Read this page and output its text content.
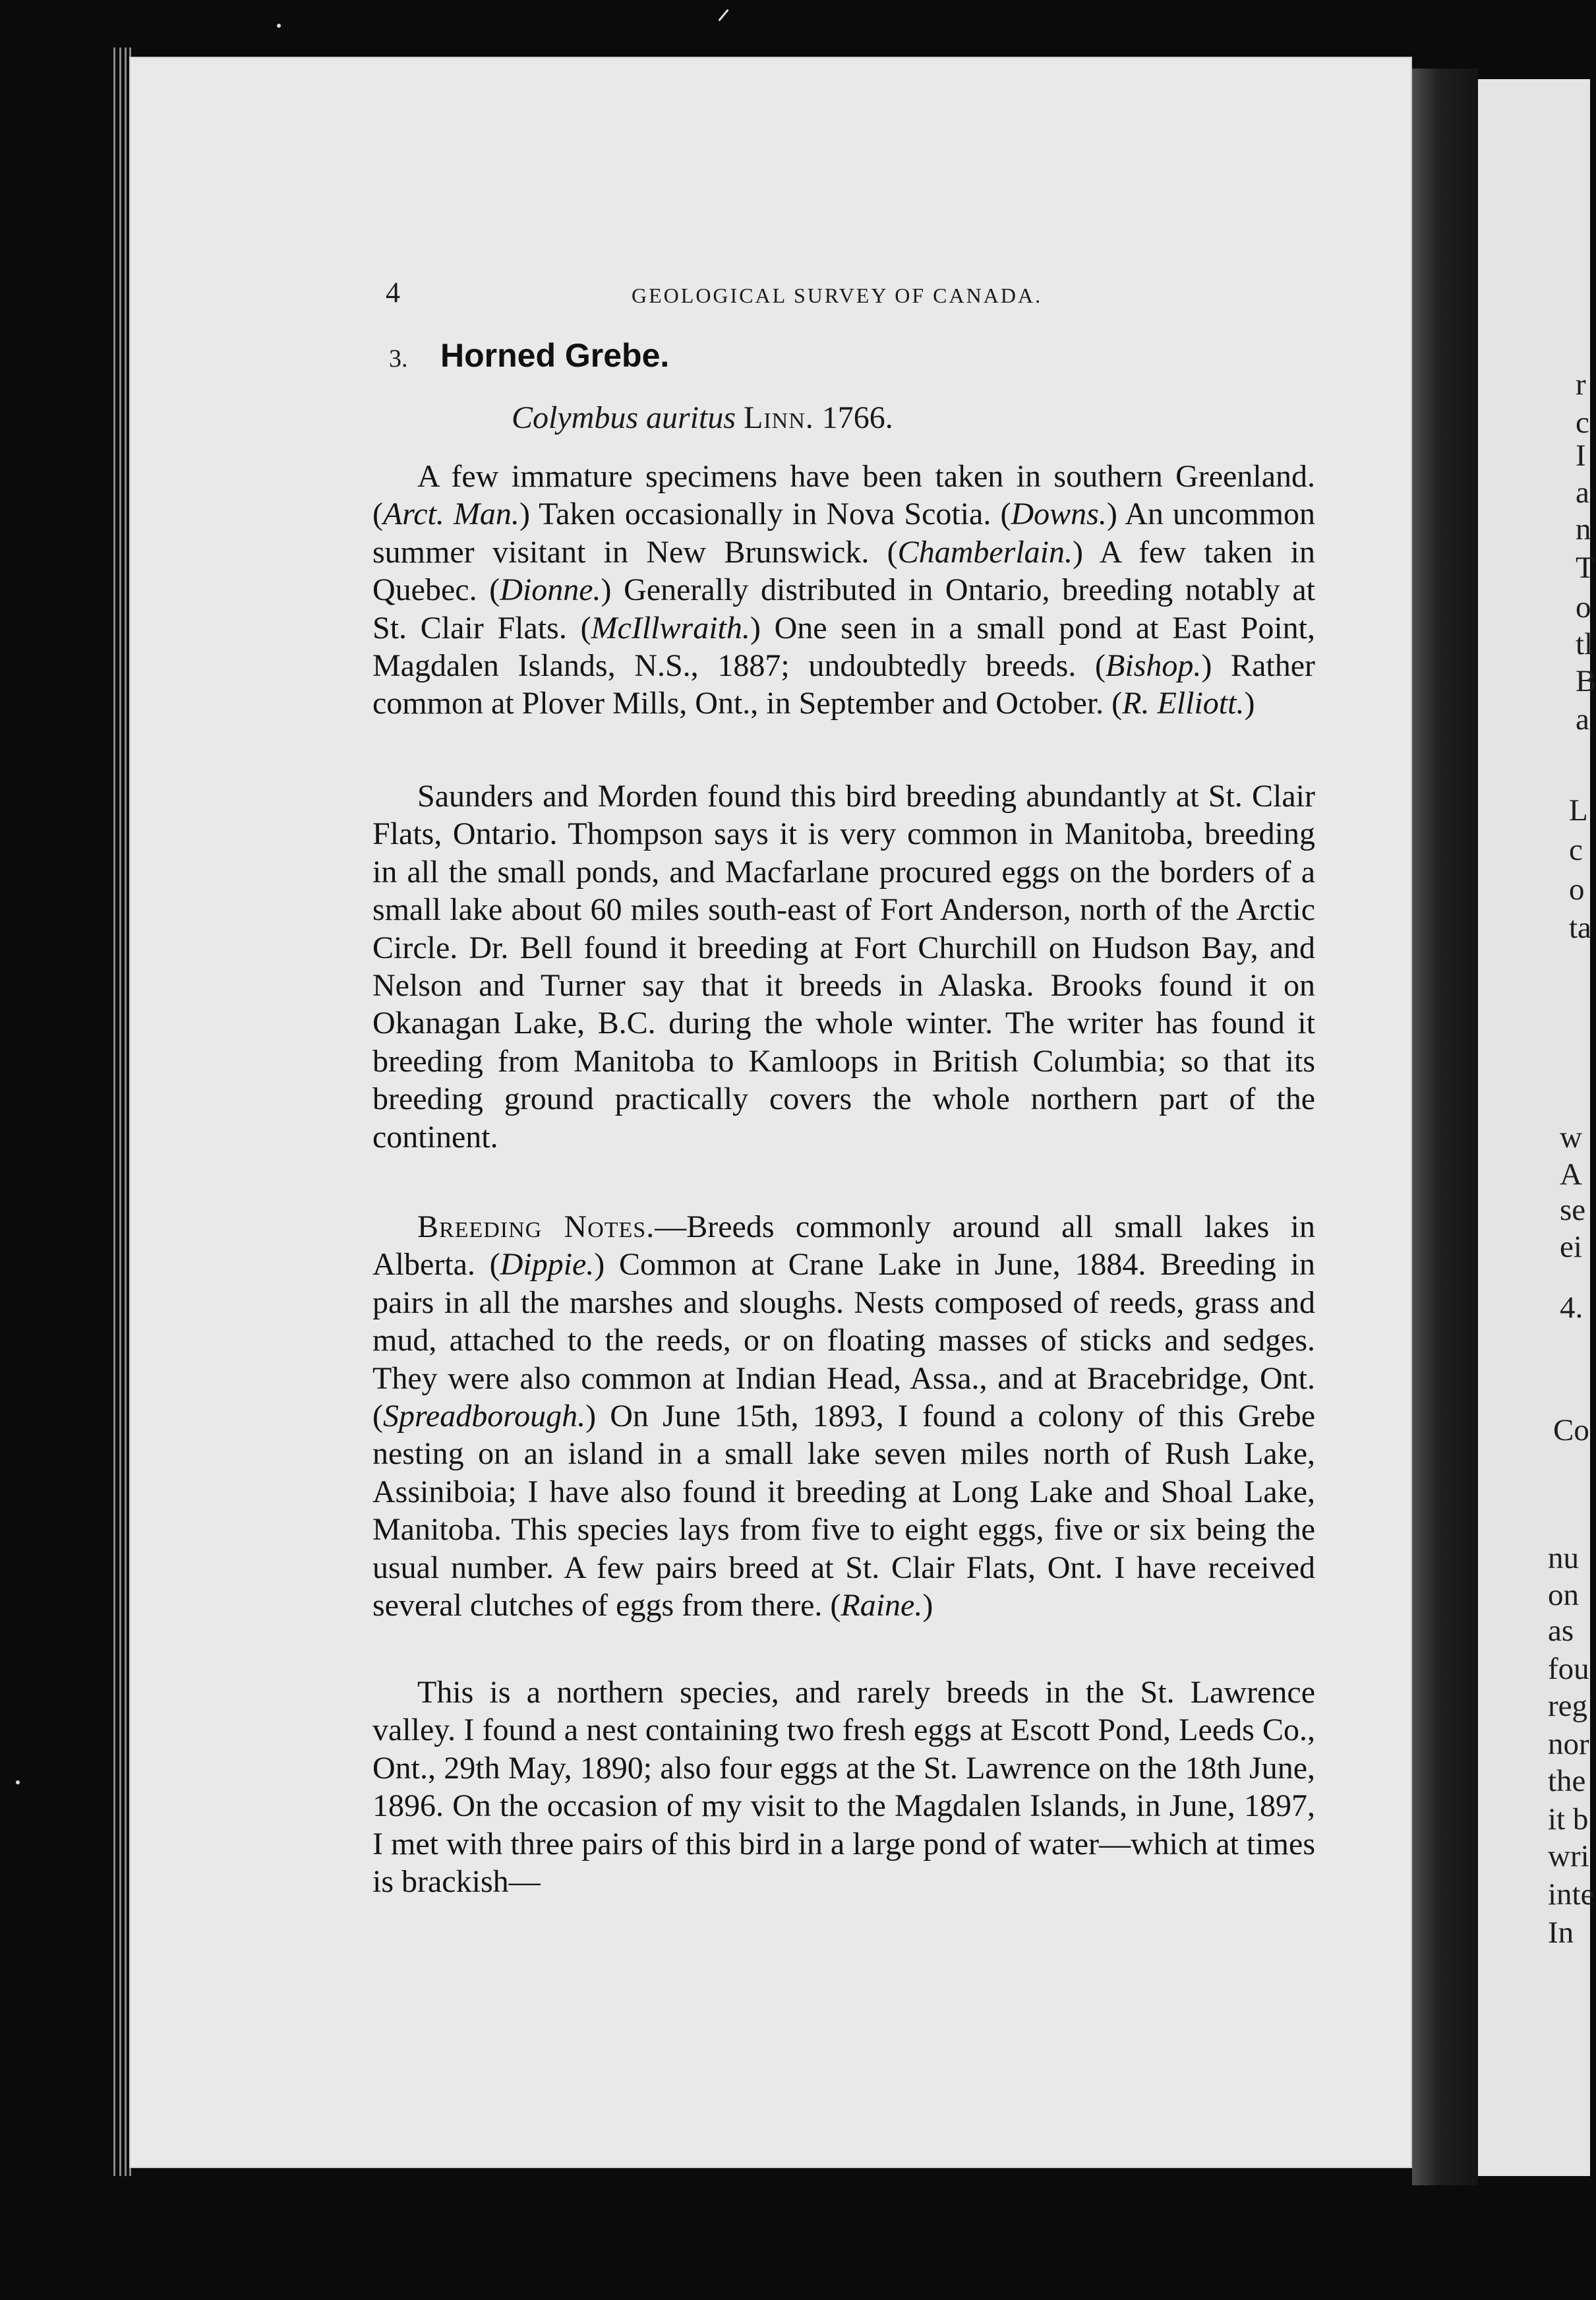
r
c
I
a
n
T
o
tl
B
a
L
c
o
ta
w
A
se
ei
4.
Co
nu
on
as
fou
reg
nor
the
it b
wri
inte
In
4	GEOLOGICAL SURVEY OF CANADA.
3. Horned Grebe.
Colymbus auritus Linn. 1766.

A few immature specimens have been taken in southern Greenland. (Arct. Man.) Taken occasionally in Nova Scotia. (Downs.) An uncommon summer visitant in New Brunswick. (Chamberlain.) A few taken in Quebec. (Dionne.) Generally distributed in Ontario, breeding notably at St. Clair Flats. (McIllwraith.) One seen in a small pond at East Point, Magdalen Islands, N.S., 1887; undoubtedly breeds. (Bishop.) Rather common at Plover Mills, Ont., in September and October. (R. Elliott.)

Saunders and Morden found this bird breeding abundantly at St. Clair Flats, Ontario. Thompson says it is very common in Manitoba, breeding in all the small ponds, and Macfarlane procured eggs on the borders of a small lake about 60 miles south-east of Fort Anderson, north of the Arctic Circle. Dr. Bell found it breeding at Fort Churchill on Hudson Bay, and Nelson and Turner say that it breeds in Alaska. Brooks found it on Okanagan Lake, B.C. during the whole winter. The writer has found it breeding from Manitoba to Kamloops in British Columbia; so that its breeding ground practically covers the whole northern part of the continent.

Breeding Notes.—Breeds commonly around all small lakes in Alberta. (Dippie.) Common at Crane Lake in June, 1884. Breeding in pairs in all the marshes and sloughs. Nests composed of reeds, grass and mud, attached to the reeds, or on floating masses of sticks and sedges. They were also common at Indian Head, Assa., and at Bracebridge, Ont. (Spreadborough.) On June 15th, 1893, I found a colony of this Grebe nesting on an island in a small lake seven miles north of Rush Lake, Assiniboia; I have also found it breeding at Long Lake and Shoal Lake, Manitoba. This species lays from five to eight eggs, five or six being the usual number. A few pairs breed at St. Clair Flats, Ont. I have received several clutches of eggs from there. (Raine.)

This is a northern species, and rarely breeds in the St. Lawrence valley. I found a nest containing two fresh eggs at Escott Pond, Leeds Co., Ont., 29th May, 1890; also four eggs at the St. Lawrence on the 18th June, 1896. On the occasion of my visit to the Magdalen Islands, in June, 1897, I met with three pairs of this bird in a large pond of water—which at times is brackish—
